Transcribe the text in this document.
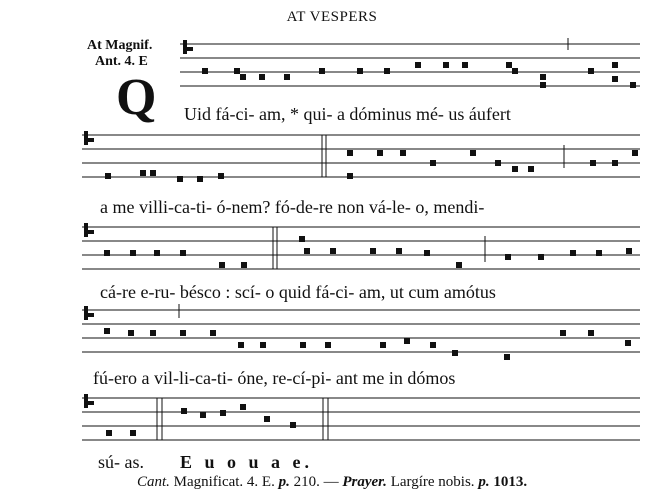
AT VESPERS
At Magnif.
Ant. 4. E
Q Uid fá-ci- am, * qui- a dóminus mé- us áufert
a me villi-ca-ti- ó-nem? fó-de-re non vá-le- o, mendi-
cá-re e-ru- bésco : scí- o quid fá-ci- am, ut cum amótus
fú-ero a vil-li-ca-ti- óne, re-cí-pi- ant me in dómos
sú- as. E u o u a e.
Cant. Magnificat. 4. E. p. 210. — Prayer. Largíre nobis. p. 1013.
